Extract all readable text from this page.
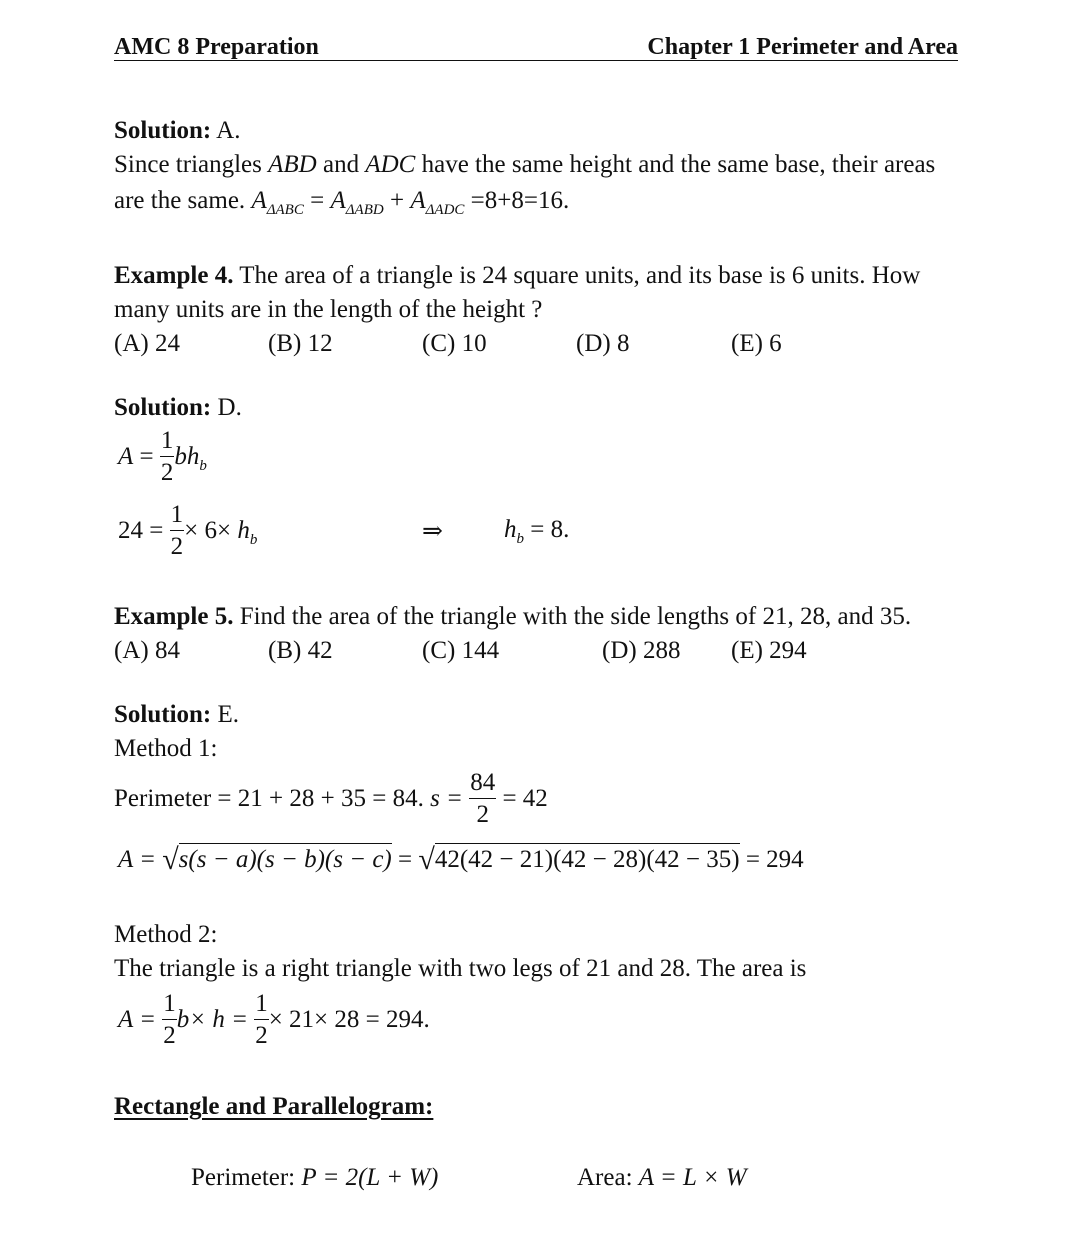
AMC 8 Preparation	Chapter 1 Perimeter and Area
Solution: A.
Since triangles ABD and ADC have the same height and the same base, their areas
are the same. $A_{\Delta ABC} = A_{\Delta ABD} + A_{\Delta ADC} =8+8=16$.
Example 4. The area of a triangle is 24 square units, and its base is 6 units. How
many units are in the length of the height ?
(A) 24	(B) 12	(C) 10	(D) 8	(E) 6
Solution: D.
$A = \frac{1}{2} bh_b$
$24 = \frac{1}{2} \times 6\times h_b$	⇒ $h_b = 8$.
Example 5. Find the area of the triangle with the side lengths of 21, 28, and 35.
(A) 84	(B) 42	(C) 144	(D) 288 (E) 294
Solution: E.
Method 1:
Perimeter = 21 + 28 + 35 = 84. $s = \frac{84}{2} = 42$
A = √s(s − a)(s − b)(s − c) = √42(42 − 21)(42 − 28)(42 − 35) = 294
Method 2:
The triangle is a right triangle with two legs of 21 and 28. The area is
$A = \frac{1}{2} b\times h = \frac{1}{2} \times 21\times 28 = 294$.
Rectangle and Parallelogram:
Perimeter: P = 2(L + W)	Area: A = L × W
